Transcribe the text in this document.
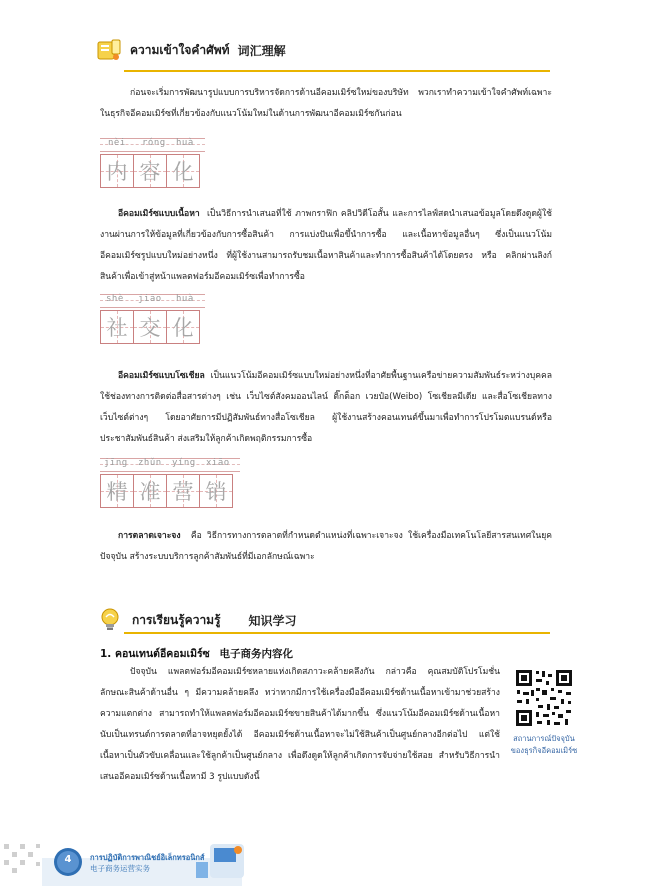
ความเข้าใจคำศัพท์ 词汇理解
ก่อนจะเริ่มการพัฒนารูปแบบการบริหารจัดการด้านอีคอมเมิร์ซใหม่ของบริษัท พวกเราทำความเข้าใจคำศัพท์เฉพาะในธุรกิจอีคอมเมิร์ซที่เกี่ยวข้องกับแนวโน้มใหม่ในด้านการพัฒนาอีคอมเมิร์ซกันก่อน
nèi róng huà
内 容 化
อีคอมเมิร์ซแบบเนื้อหา เป็นวิธีการนำเสนอที่ใช้ ภาพกราฟิก คลิปวิดีโอสั้น และการไลฟ์สดนำเสนอข้อมูลโดยดึงดูดผู้ใช้งานผ่านการให้ข้อมูลที่เกี่ยวข้องกับการซื้อสินค้า การแบ่งปันเพื่อขึ้นำการซื้อ และเนื้อหาข้อมูลอื่นๆ ซึ่งเป็นแนวโน้มอีคอมเมิร์ซรูปแบบใหม่อย่างหนึ่ง ที่ผู้ใช้งานสามารถรับชมเนื้อหาสินค้าและทำการซื้อสินค้าได้โดยตรง หรือ คลิกผ่านลิงก์สินค้าเพื่อเข้าสู่หน้าแพลตฟอร์มอีคอมเมิร์ซเพื่อทำการซื้อ
shè jiāo huà
社 交 化
อีคอมเมิร์ซแบบโซเชียล เป็นแนวโน้มอีคอมเมิร์ซแบบใหม่อย่างหนึ่งที่อาศัยพื้นฐานเครือข่ายความสัมพันธ์ระหว่างบุคคล ใช้ช่องทางการติดต่อสื่อสารต่างๆ เช่น เว็บไซต์สังคมออนไลน์ ติ๊กต็อก เวยป๋อ(Weibo) โซเชียลมีเดีย และสื่อโซเชียลทางเว็บไซต์ต่างๆ โดยอาศัยการมีปฏิสัมพันธ์ทางสื่อโซเชียล ผู้ใช้งานสร้างคอนเทนต์ขึ้นมาเพื่อทำการโปรโมตแบรนด์หรือประชาสัมพันธ์สินค้า ส่งเสริมให้ลูกค้าเกิดพฤติกรรมการซื้อ
jīng zhǔn yíng xiāo
精 准 营 销
การตลาดเจาะจง คือ วิธีการทางการตลาดที่กำหนดตำแหน่งที่เฉพาะเจาะจง ใช้เครื่องมือเทคโนโลยีสารสนเทศในยุคปัจจุบัน สร้างระบบบริการลูกค้าสัมพันธ์ที่มีเอกลักษณ์เฉพาะ
การเรียนรู้ความรู้ 知识学习
1. คอนเทนต์อีคอมเมิร์ซ 电子商务内容化
ปัจจุบัน แพลตฟอร์มอีคอมเมิร์ซหลายแห่งเกิดสภาวะคล้ายคลึงกัน กล่าวคือ คุณสมบัติโปรโมชั่น ลักษณะสินค้าด้านอื่น ๆ มีความคล้ายคลึง ทว่าหากมีการใช้เครื่องมืออีคอมเมิร์ซด้านเนื้อหาเข้ามาช่วยสร้างความแตกต่าง สามารถทำให้แพลตฟอร์มอีคอมเมิร์ซขายสินค้าได้มากขึ้น ซึ่งแนวโน้มอีคอมเมิร์ซด้านเนื้อหา นับเป็นเทรนด์การตลาดที่อาจหยุดยั้งได้ อีคอมเมิร์ซด้านเนื้อหาจะไม่ใช้สินค้าเป็นศูนย์กลางอีกต่อไป แต่ใช้เนื้อหาเป็นตัวขับเคลื่อนและใช้ลูกค้าเป็นศูนย์กลาง เพื่อดึงดูดให้ลูกค้าเกิดการจับจ่ายใช้สอย สำหรับวิธีการนำเสนออีคอมเมิร์ซด้านเนื้อหามี 3 รูปแบบดังนี้
สถานการณ์ปัจจุบัน
ของธุรกิจอีคอมเมิร์ซ
4	การปฏิบัติการพาณิชย์อิเล็กทรอนิกส์
电子商务运营实务
